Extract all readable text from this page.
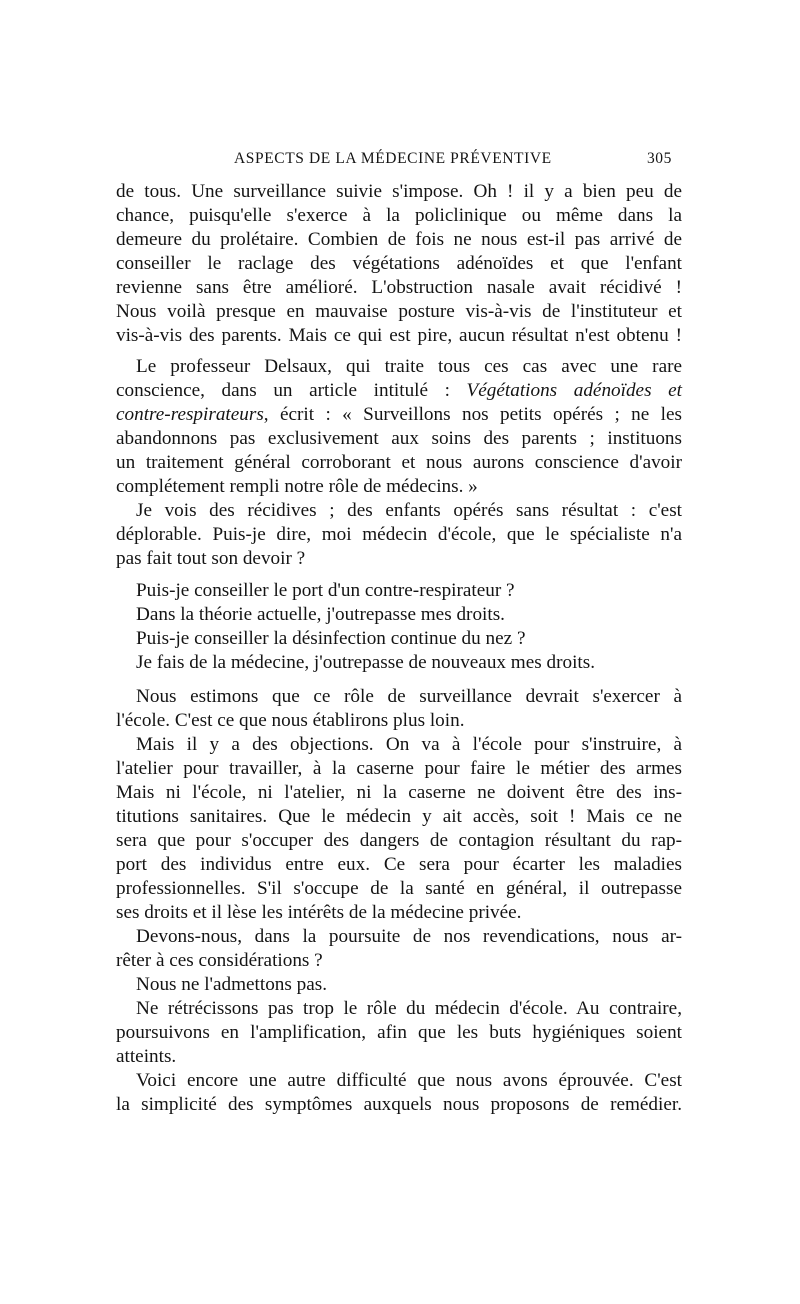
ASPECTS DE LA MÉDECINE PRÉVENTIVE	305
de tous. Une surveillance suivie s'impose. Oh ! il y a bien peu de
chance, puisqu'elle s'exerce à la policlinique ou même dans la
demeure du prolétaire. Combien de fois ne nous est-il pas arrivé de
conseiller le raclage des végétations adénoïdes et que l'enfant
revienne sans être amélioré. L'obstruction nasale avait récidivé !
Nous voilà presque en mauvaise posture vis-à-vis de l'instituteur et
vis-à-vis des parents. Mais ce qui est pire, aucun résultat n'est obtenu !
Le professeur Delsaux, qui traite tous ces cas avec une rare
conscience, dans un article intitulé : Végétations adénoïdes et
contre-respirateurs, écrit : « Surveillons nos petits opérés ; ne les
abandonnons pas exclusivement aux soins des parents ; instituons
un traitement général corroborant et nous aurons conscience d'avoir
complétement rempli notre rôle de médecins. »
Je vois des récidives ; des enfants opérés sans résultat : c'est
déplorable. Puis-je dire, moi médecin d'école, que le spécialiste n'a
pas fait tout son devoir ?
Puis-je conseiller le port d'un contre-respirateur ?
Dans la théorie actuelle, j'outrepasse mes droits.
Puis-je conseiller la désinfection continue du nez ?
Je fais de la médecine, j'outrepasse de nouveaux mes droits.
Nous estimons que ce rôle de surveillance devrait s'exercer à
l'école. C'est ce que nous établirons plus loin.
Mais il y a des objections. On va à l'école pour s'instruire, à
l'atelier pour travailler, à la caserne pour faire le métier des armes
Mais ni l'école, ni l'atelier, ni la caserne ne doivent être des ins-
titutions sanitaires. Que le médecin y ait accès, soit ! Mais ce ne
sera que pour s'occuper des dangers de contagion résultant du rap-
port des individus entre eux. Ce sera pour écarter les maladies
professionnelles. S'il s'occupe de la santé en général, il outrepasse
ses droits et il lèse les intérêts de la médecine privée.
Devons-nous, dans la poursuite de nos revendications, nous ar-
rêter à ces considérations ?
Nous ne l'admettons pas.
Ne rétrécissons pas trop le rôle du médecin d'école. Au contraire,
poursuivons en l'amplification, afin que les buts hygiéniques soient
atteints.
Voici encore une autre difficulté que nous avons éprouvée. C'est
la simplicité des symptômes auxquels nous proposons de remédier.
